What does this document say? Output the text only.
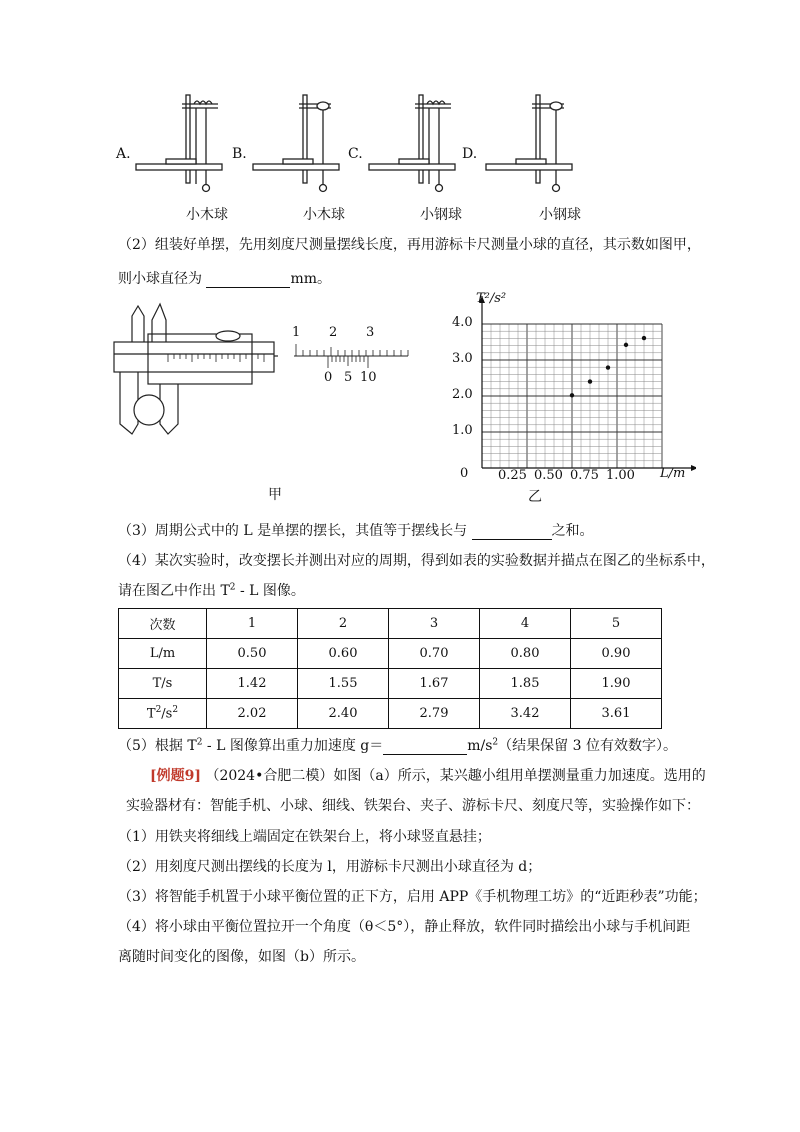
A.	B.	C.	D.
小木球	小木球	小钢球	小钢球
（2）组装好单摆，先用刻度尺测量摆线长度，再用游标卡尺测量小球的直径，其示数如图甲，
则小球直径为	mm。
1 2 3
0 5 10
甲
T²/s²
L/m
0 0.25 0.50 0.75 1.00
1.0
2.0
3.0
4.0
乙
（3）周期公式中的 L 是单摆的摆长，其值等于摆线长与	之和。
（4）某次实验时，改变摆长并测出对应的周期，得到如表的实验数据并描点在图乙的坐标系中，
请在图乙中作出 $T^2$ - L 图像。
次数	1	2	3	4	5
L/m	0.50	0.60	0.70	0.80	0.90
T/s	1.42	1.55	1.67	1.85	1.90
$T^2/s^2$	2.02	2.40	2.79	3.42	3.61
（5）根据 $T^2$ - L 图像算出重力加速度 g＝	$m/s^2$（结果保留 3 位有效数字）。
[例题9] （2024•合肥二模）如图（a）所示，某兴趣小组用单摆测量重力加速度。选用的
实验器材有：智能手机、小球、细线、铁架台、夹子、游标卡尺、刻度尺等，实验操作如下：
（1）用铁夹将细线上端固定在铁架台上，将小球竖直悬挂；
（2）用刻度尺测出摆线的长度为 l，用游标卡尺测出小球直径为 d；
（3）将智能手机置于小球平衡位置的正下方，启用 APP《手机物理工坊》的“近距秒表”功能；
（4）将小球由平衡位置拉开一个角度（θ＜5°），静止释放，软件同时描绘出小球与手机间距
离随时间变化的图像，如图（b）所示。
